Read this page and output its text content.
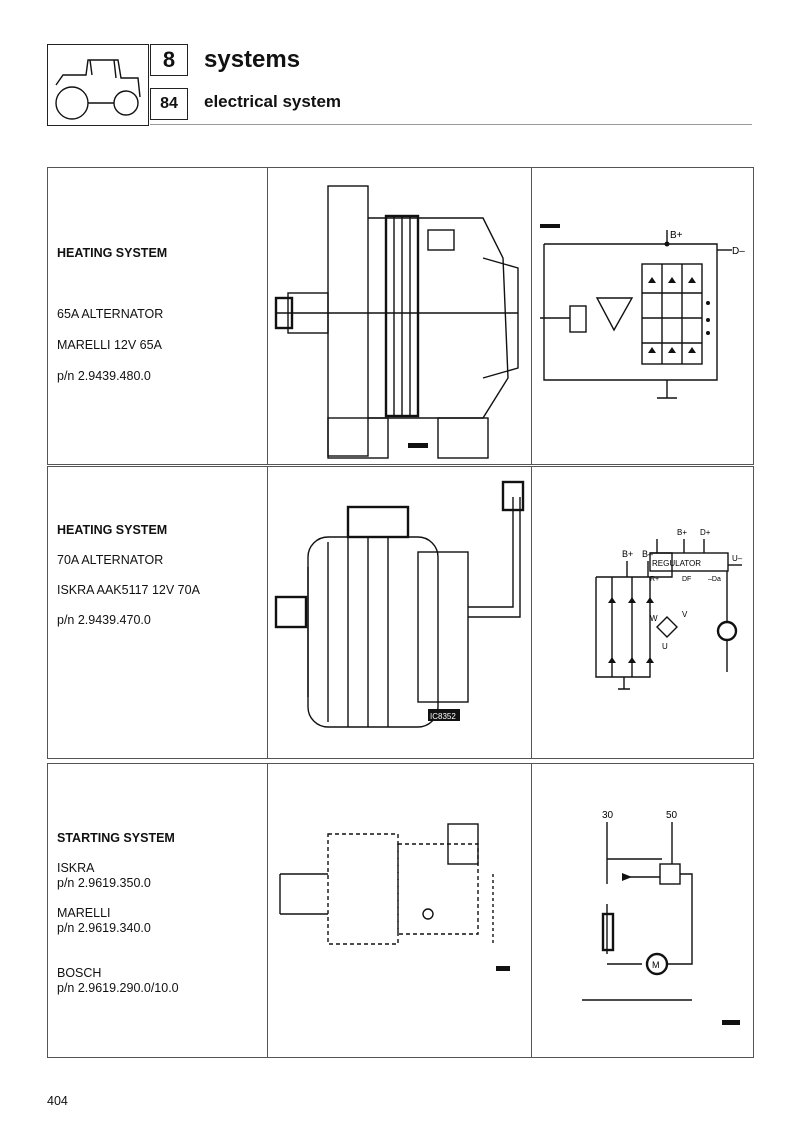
8
84
systems
electrical system
HEATING SYSTEM
65A ALTERNATOR
MARELLI 12V 65A
p/n 2.9439.480.0
B+
D–
HEATING SYSTEM
70A ALTERNATOR
ISKRA AAK5117 12V 70A
p/n 2.9439.470.0
IC8352
REGULATOR
B+ D+
U–
R+	DF –Da
B+ B–
W
U
V
STARTING SYSTEM
ISKRA
p/n 2.9619.350.0
MARELLI
p/n 2.9619.340.0
BOSCH
p/n 2.9619.290.0/10.0
30	50
M
404
